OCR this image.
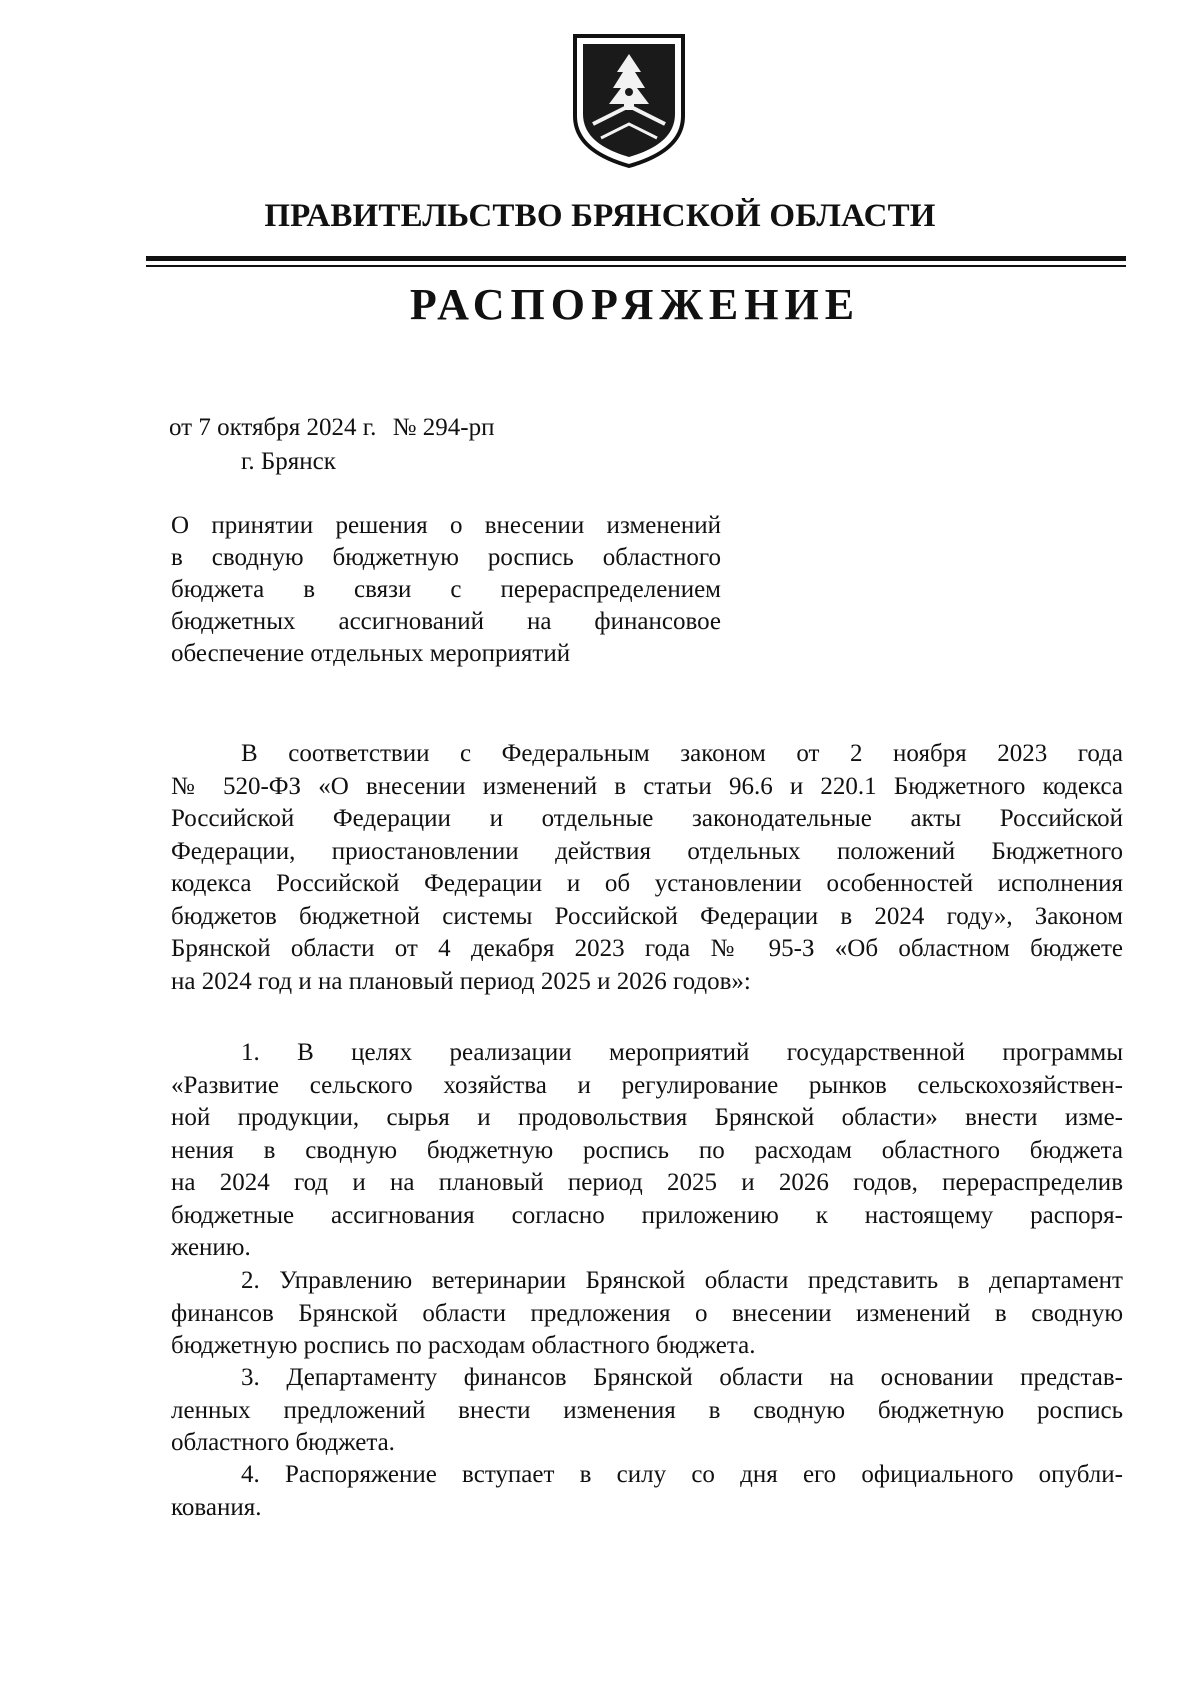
ПРАВИТЕЛЬСТВО БРЯНСКОЙ ОБЛАСТИ
РАСПОРЯЖЕНИЕ
от 7 октября 2024 г. № 294-рп
г. Брянск
О принятии решения о внесении изменений
в сводную бюджетную роспись областного
бюджета в связи с перераспределением
бюджетных ассигнований на финансовое
обеспечение отдельных мероприятий
В соответствии с Федеральным законом от 2 ноября 2023 года
№ 520-ФЗ «О внесении изменений в статьи 96.6 и 220.1 Бюджетного кодекса
Российской Федерации и отдельные законодательные акты Российской
Федерации, приостановлении действия отдельных положений Бюджетного
кодекса Российской Федерации и об установлении особенностей исполнения
бюджетов бюджетной системы Российской Федерации в 2024 году», Законом
Брянской области от 4 декабря 2023 года № 95-З «Об областном бюджете
на 2024 год и на плановый период 2025 и 2026 годов»:
1. В целях реализации мероприятий государственной программы
«Развитие сельского хозяйства и регулирование рынков сельскохозяйствен-
ной продукции, сырья и продовольствия Брянской области» внести изме-
нения в сводную бюджетную роспись по расходам областного бюджета
на 2024 год и на плановый период 2025 и 2026 годов, перераспределив
бюджетные ассигнования согласно приложению к настоящему распоря-
жению.
2. Управлению ветеринарии Брянской области представить в департамент
финансов Брянской области предложения о внесении изменений в сводную
бюджетную роспись по расходам областного бюджета.
3. Департаменту финансов Брянской области на основании представ-
ленных предложений внести изменения в сводную бюджетную роспись
областного бюджета.
4. Распоряжение вступает в силу со дня его официального опубли-
кования.
